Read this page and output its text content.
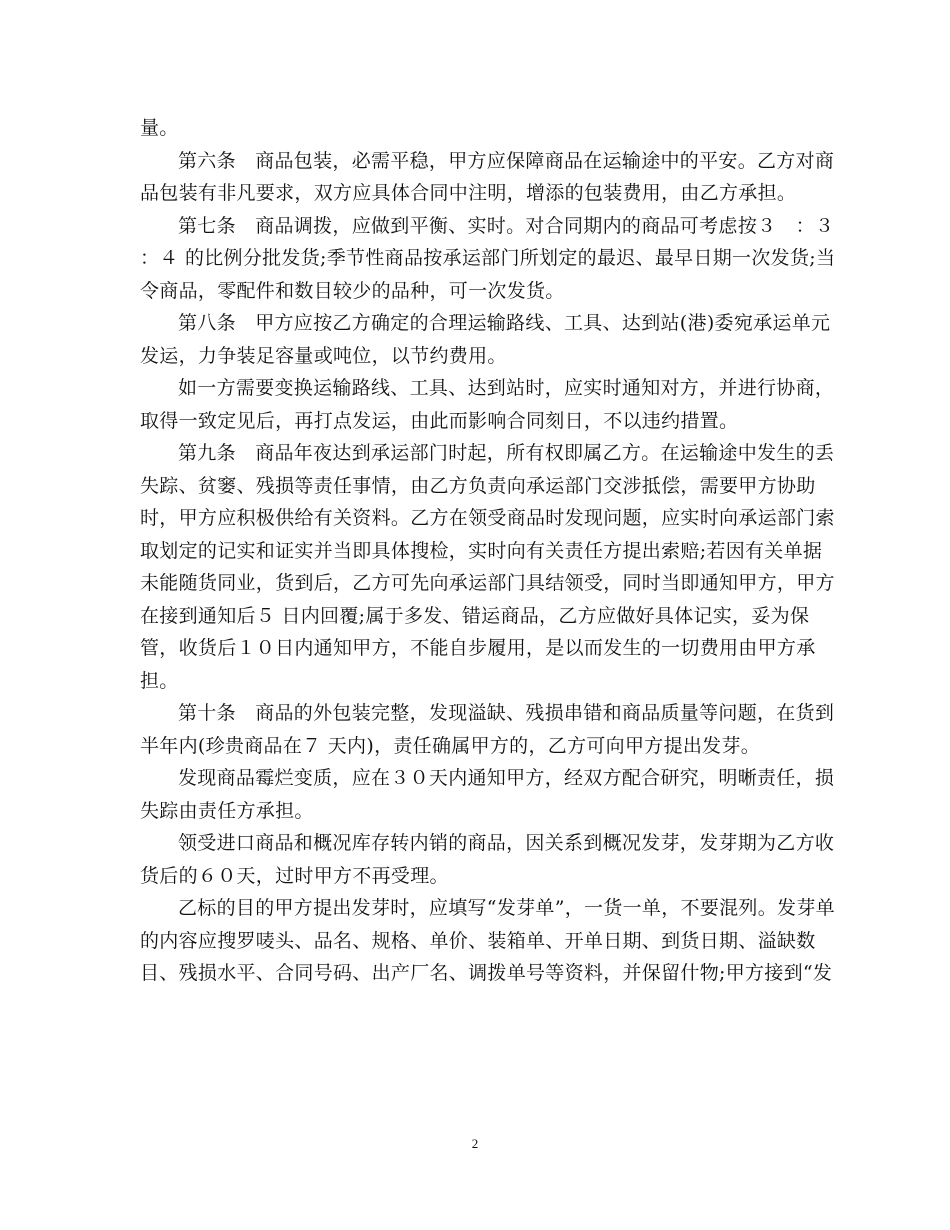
量。
第六条　商品包装，必需平稳，甲方应保障商品在运输途中的平安。乙方对商
品包装有非凡要求，双方应具体合同中注明，增添的包装费用，由乙方承担。
第七条　商品调拨，应做到平衡、实时。对合同期内的商品可考虑按３　：３
：４ 的比例分批发货;季节性商品按承运部门所划定的最迟、最早日期一次发货;当
令商品，零配件和数目较少的品种，可一次发货。
第八条　甲方应按乙方确定的合理运输路线、工具、达到站(港)委宛承运单元
发运，力争装足容量或吨位，以节约费用。
如一方需要变换运输路线、工具、达到站时，应实时通知对方，并进行协商，
取得一致定见后，再打点发运，由此而影响合同刻日，不以违约措置。
第九条　商品年夜达到承运部门时起，所有权即属乙方。在运输途中发生的丢
失踪、贫窭、残损等责任事情，由乙方负责向承运部门交涉抵偿，需要甲方协助
时，甲方应积极供给有关资料。乙方在领受商品时发现问题，应实时向承运部门索
取划定的记实和证实并当即具体搜检，实时向有关责任方提出索赔;若因有关单据
未能随货同业，货到后，乙方可先向承运部门具结领受，同时当即通知甲方，甲方
在接到通知后５ 日内回覆;属于多发、错运商品，乙方应做好具体记实，妥为保
管，收货后１０日内通知甲方，不能自步履用，是以而发生的一切费用由甲方承
担。
第十条　商品的外包装完整，发现溢缺、残损串错和商品质量等问题，在货到
半年内(珍贵商品在７ 天内)，责任确属甲方的，乙方可向甲方提出发芽。
发现商品霉烂变质，应在３０天内通知甲方，经双方配合研究，明晰责任，损
失踪由责任方承担。
领受进口商品和概况库存转内销的商品，因关系到概况发芽，发芽期为乙方收
货后的６０天，过时甲方不再受理。
乙标的目的甲方提出发芽时，应填写“发芽单”，一货一单，不要混列。发芽单
的内容应搜罗唛头、品名、规格、单价、装箱单、开单日期、到货日期、溢缺数
目、残损水平、合同号码、出产厂名、调拨单号等资料，并保留什物;甲方接到“发
2
